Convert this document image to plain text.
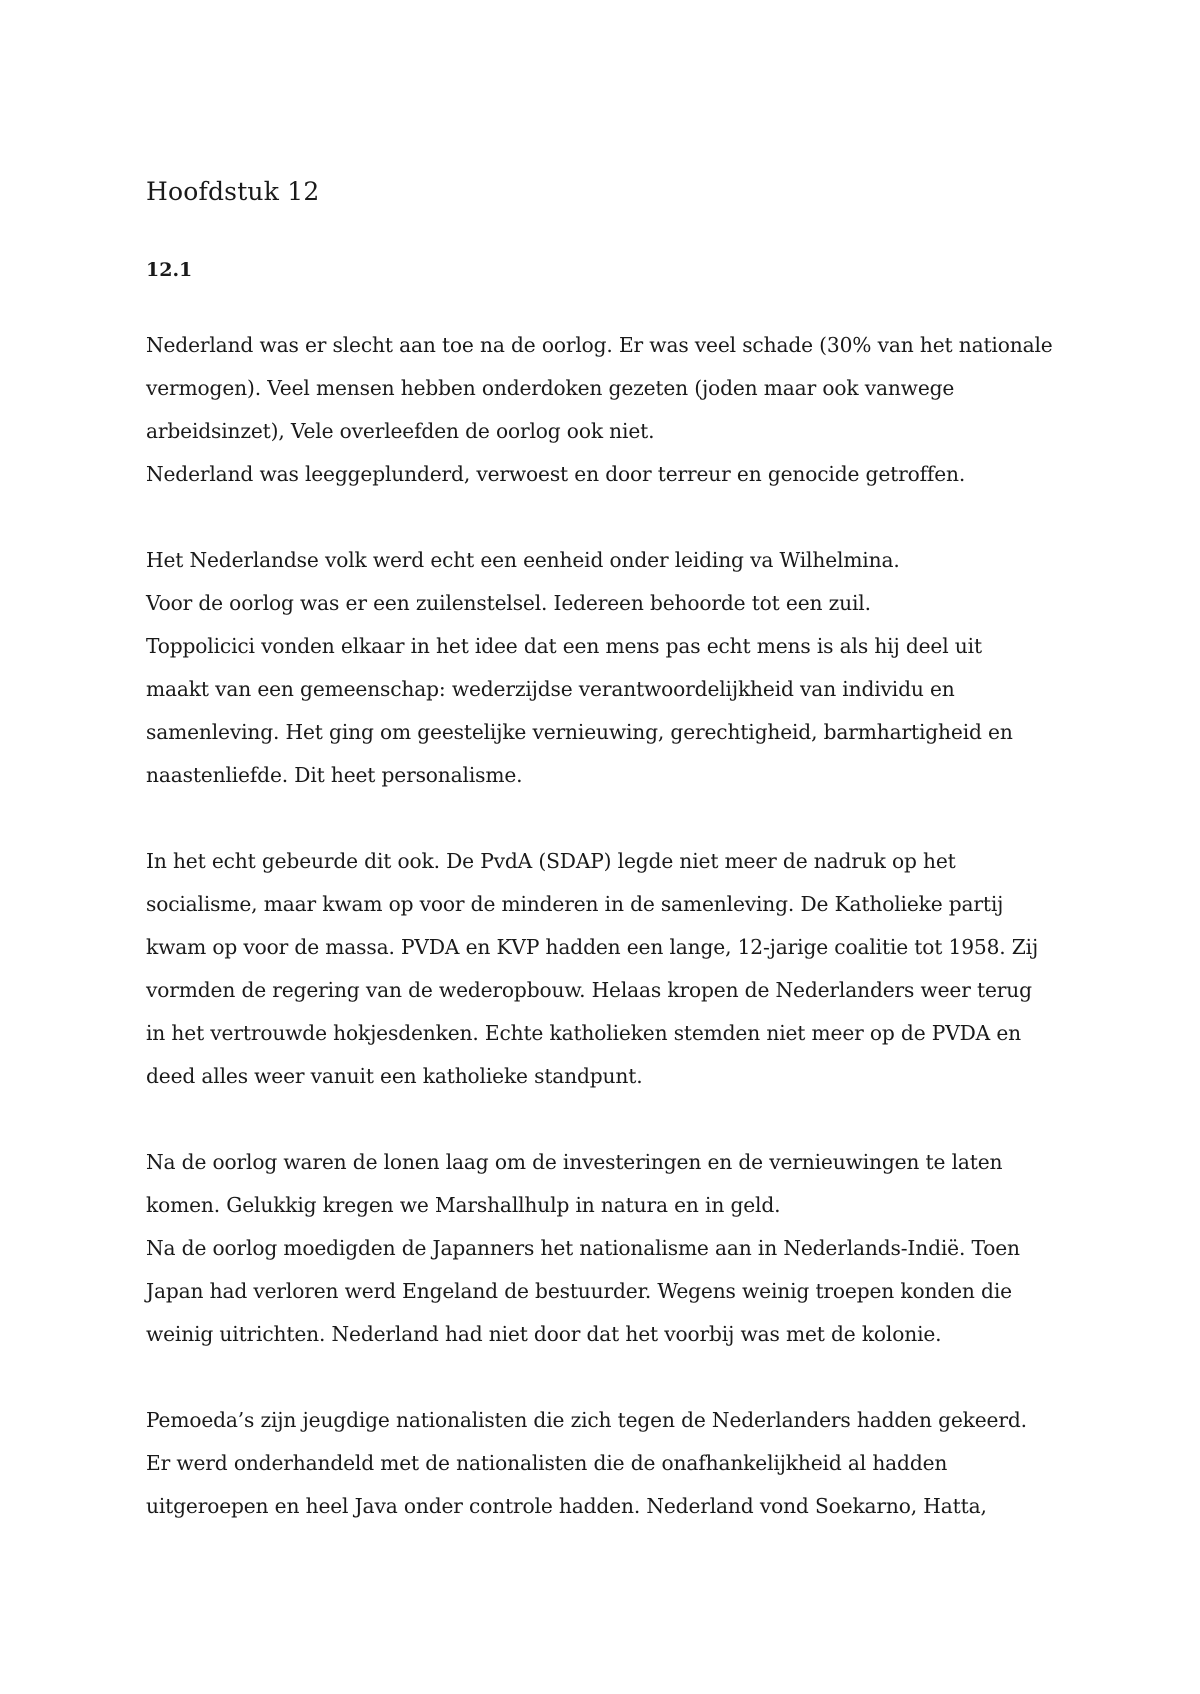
Hoofdstuk 12
12.1
Nederland was er slecht aan toe na de oorlog. Er was veel schade (30% van het nationale
vermogen). Veel mensen hebben onderdoken gezeten (joden maar ook vanwege
arbeidsinzet), Vele overleefden de oorlog ook niet.
Nederland was leeggeplunderd, verwoest en door terreur en genocide getroffen.
Het Nederlandse volk werd echt een eenheid onder leiding va Wilhelmina.
Voor de oorlog was er een zuilenstelsel. Iedereen behoorde tot een zuil.
Toppolicici vonden elkaar in het idee dat een mens pas echt mens is als hij deel uit
maakt van een gemeenschap: wederzijdse verantwoordelijkheid van individu en
samenleving. Het ging om geestelijke vernieuwing, gerechtigheid, barmhartigheid en
naastenliefde. Dit heet personalisme.
In het echt gebeurde dit ook. De PvdA (SDAP) legde niet meer de nadruk op het
socialisme, maar kwam op voor de minderen in de samenleving. De Katholieke partij
kwam op voor de massa. PVDA en KVP hadden een lange, 12-jarige coalitie tot 1958. Zij
vormden de regering van de wederopbouw. Helaas kropen de Nederlanders weer terug
in het vertrouwde hokjesdenken. Echte katholieken stemden niet meer op de PVDA en
deed alles weer vanuit een katholieke standpunt.
Na de oorlog waren de lonen laag om de investeringen en de vernieuwingen te laten
komen. Gelukkig kregen we Marshallhulp in natura en in geld.
Na de oorlog moedigden de Japanners het nationalisme aan in Nederlands-Indië. Toen
Japan had verloren werd Engeland de bestuurder. Wegens weinig troepen konden die
weinig uitrichten. Nederland had niet door dat het voorbij was met de kolonie.
Pemoeda’s zijn jeugdige nationalisten die zich tegen de Nederlanders hadden gekeerd.
Er werd onderhandeld met de nationalisten die de onafhankelijkheid al hadden
uitgeroepen en heel Java onder controle hadden. Nederland vond Soekarno, Hatta,
